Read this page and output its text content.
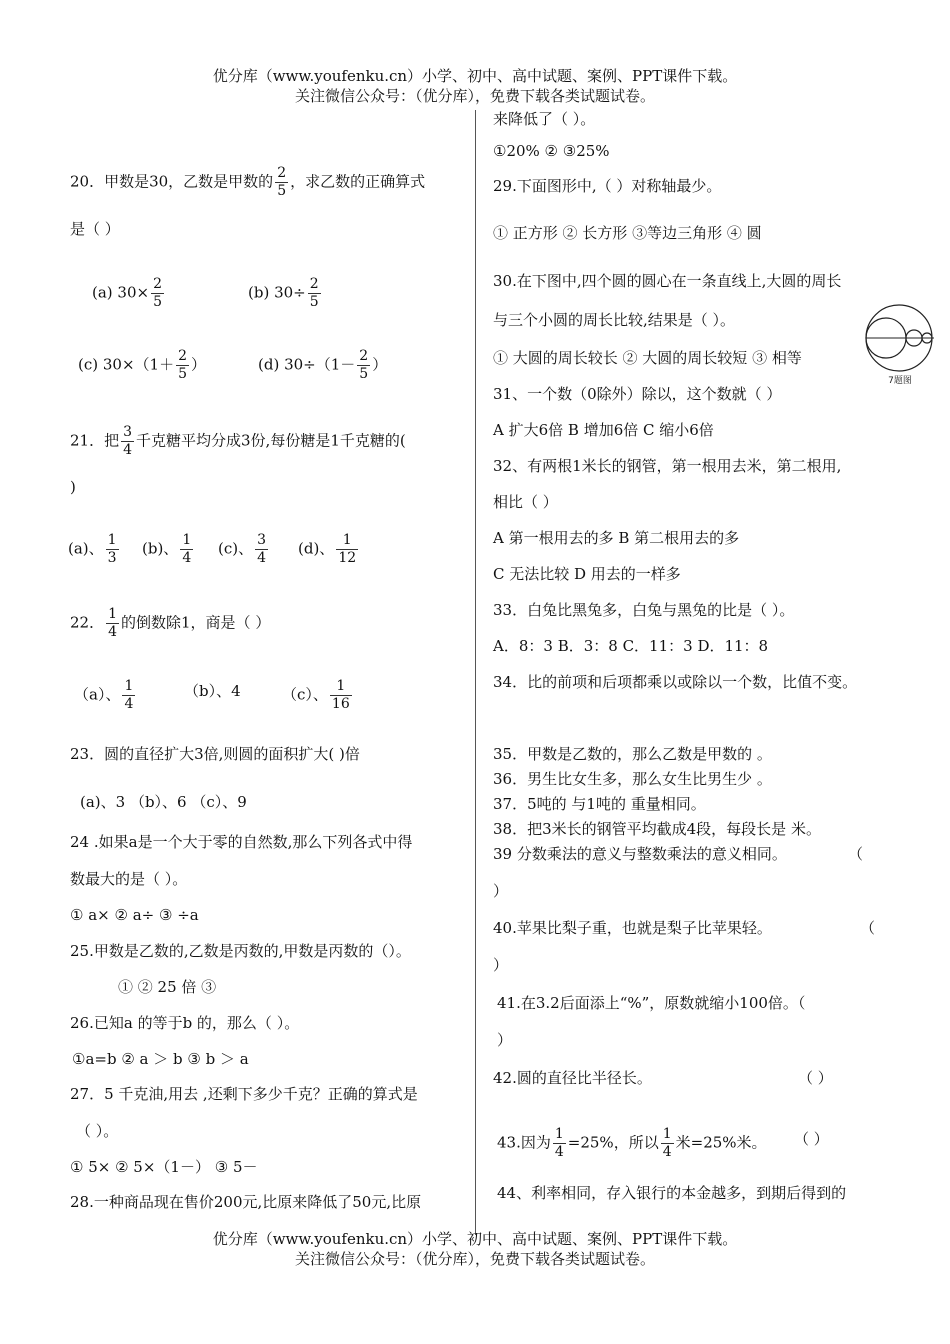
优分库（www.youfenku.cn）小学、初中、高中试题、案例、PPT课件下载。
关注微信公众号：（优分库），免费下载各类试题试卷。
20．甲数是30，乙数是甲数的 $\frac{2}{5}$ ，求乙数的正确算式
是（ ）
(a) $30\times \frac{2}{5}$	(b) $30\div \frac{2}{5}$
(c) $30\times(1+ \frac{2}{5}$ ）	(d) $30\div(1- \frac{2}{5}$ ）
21．把 $\frac{3}{4}$ 千克糖平均分成3份,每份糖是1千克糖的(
)
(a)、 $\frac{1}{3} (b)$、 $\frac{1}{4} (c)$、 $\frac{3}{4} (d)$、 $\frac{1}{12}$
22． $\frac{1}{4}$ 的倒数除1，商是（ ）
（a）、 $\frac{1}{4}$	（b）、4	（c）、 $\frac{1}{16}$
23．圆的直径扩大3倍,则圆的面积扩大( )倍
(a)、3 （b）、6 （c）、9
24 .如果a是一个大于零的自然数,那么下列各式中得
数最大的是（ ）。
① a× ② a÷ ③ ÷a
25.甲数是乙数的,乙数是丙数的,甲数是丙数的（）。
① ② 25 倍 ③
26.已知a 的等于b 的，那么（ ）。
①a=b ② a ＞ b ③ b ＞ a
27．5 千克油,用去 ,还剩下多少千克？正确的算式是
（ ）。
① 5× ② 5×（1－） ③ 5－
28.一种商品现在售价200元,比原来降低了50元,比原
来降低了（ ）。
①20% ② ③25%
29.下面图形中,（ ）对称轴最少。
① 正方形 ② 长方形 ③等边三角形 ④ 圆
30.在下图中,四个圆的圆心在一条直线上,大圆的周长
与三个小圆的周长比较,结果是（ ）。
① 大圆的周长较长 ② 大圆的周长较短 ③ 相等
7题图
31、一个数（0除外）除以，这个数就（ ）
A 扩大6倍 B 增加6倍 C 缩小6倍
32、有两根1米长的钢管，第一根用去米，第二根用,
相比（ ）
A 第一根用去的多 B 第二根用去的多
C 无法比较 D 用去的一样多
33．白兔比黑兔多，白兔与黑兔的比是（ ）。
A．8：3 B．3：8 C．11：3 D．11：8
34．比的前项和后项都乘以或除以一个数，比值不变。
35．甲数是乙数的，那么乙数是甲数的 。
36．男生比女生多，那么女生比男生少 。
37．5吨的 与1吨的 重量相同。
38．把3米长的钢管平均截成4段，每段长是 米。
39 分数乘法的意义与整数乘法的意义相同。	（
）
40.苹果比梨子重，也就是梨子比苹果轻。	（
）
41.在3.2后面添上“%”，原数就缩小100倍。（
）
42.圆的直径比半径长。	（ ）
43.因为 $\frac{1}{4} =25\%$，所以 $\frac{1}{4}$ 米=25%米。 （ ）
44、利率相同，存入银行的本金越多，到期后得到的
优分库（www.youfenku.cn）小学、初中、高中试题、案例、PPT课件下载。
关注微信公众号：（优分库），免费下载各类试题试卷。
